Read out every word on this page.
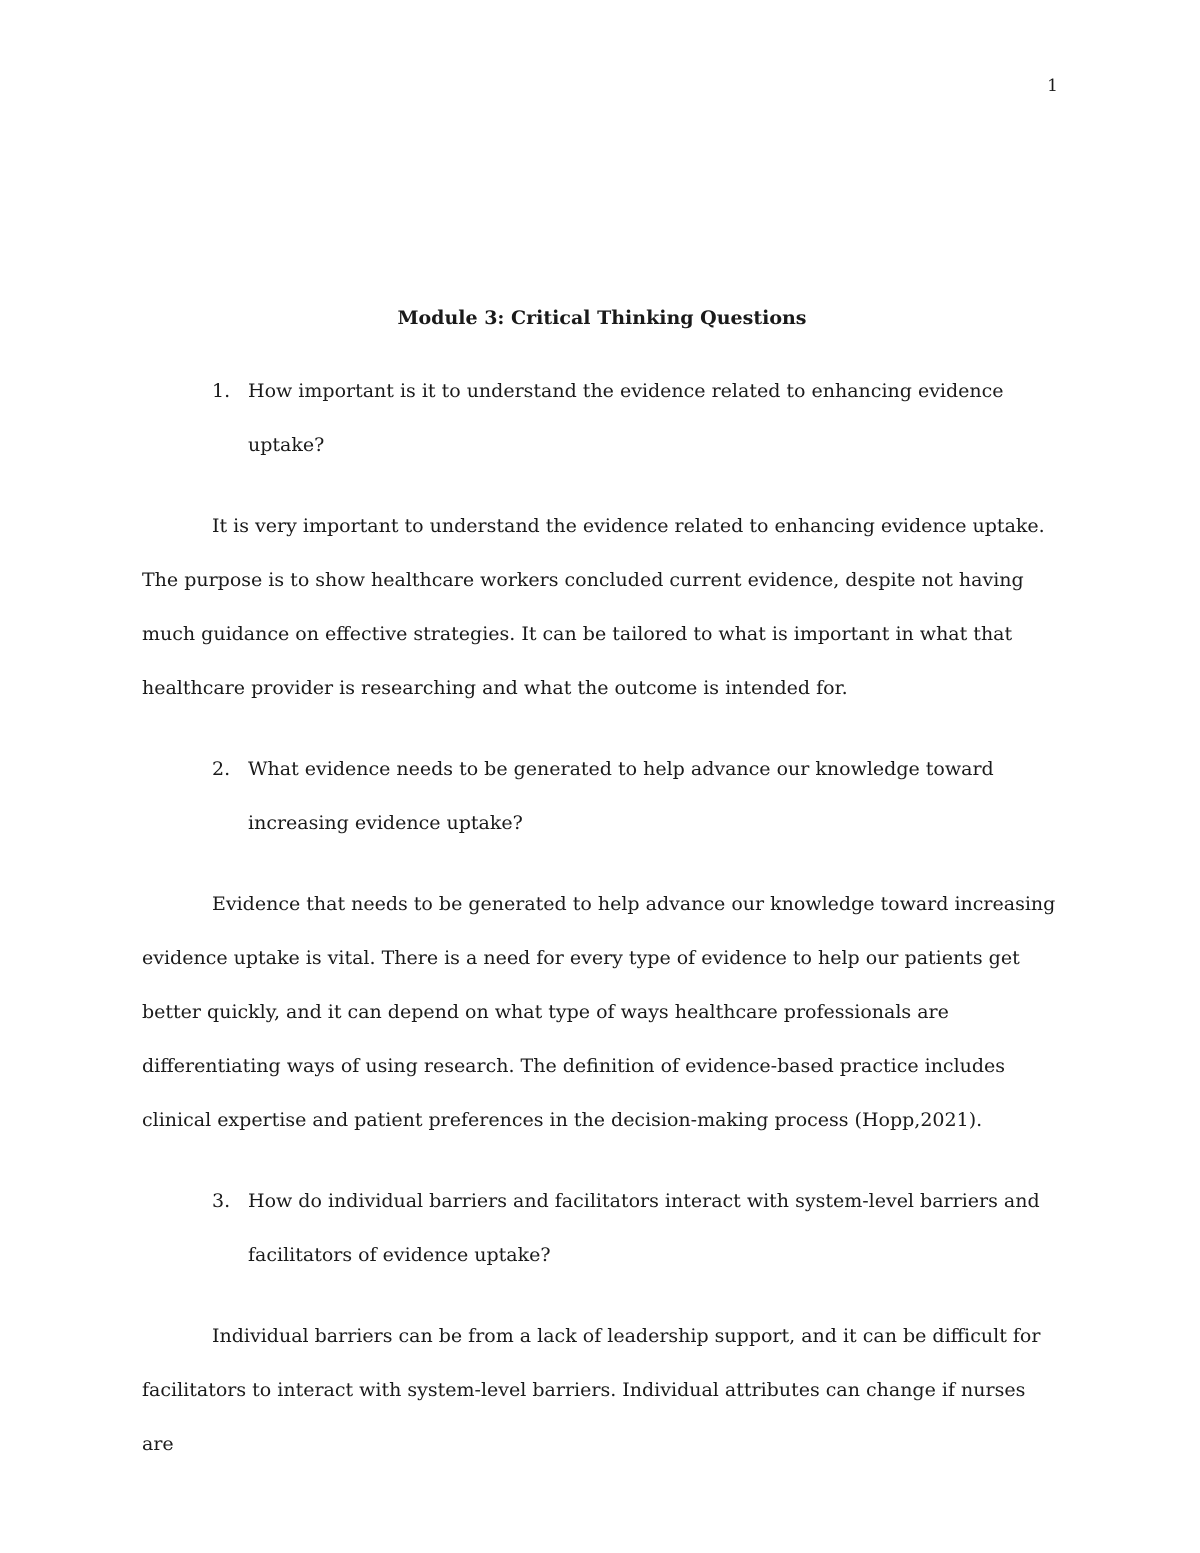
1
Module 3: Critical Thinking Questions
1. How important is it to understand the evidence related to enhancing evidence uptake?

It is very important to understand the evidence related to enhancing evidence uptake. The purpose is to show healthcare workers concluded current evidence, despite not having much guidance on effective strategies. It can be tailored to what is important in what that healthcare provider is researching and what the outcome is intended for.

2. What evidence needs to be generated to help advance our knowledge toward increasing evidence uptake?

Evidence that needs to be generated to help advance our knowledge toward increasing evidence uptake is vital. There is a need for every type of evidence to help our patients get better quickly, and it can depend on what type of ways healthcare professionals are differentiating ways of using research. The definition of evidence-based practice includes clinical expertise and patient preferences in the decision-making process (Hopp,2021).

3. How do individual barriers and facilitators interact with system-level barriers and facilitators of evidence uptake?

Individual barriers can be from a lack of leadership support, and it can be difficult for facilitators to interact with system-level barriers. Individual attributes can change if nurses are
